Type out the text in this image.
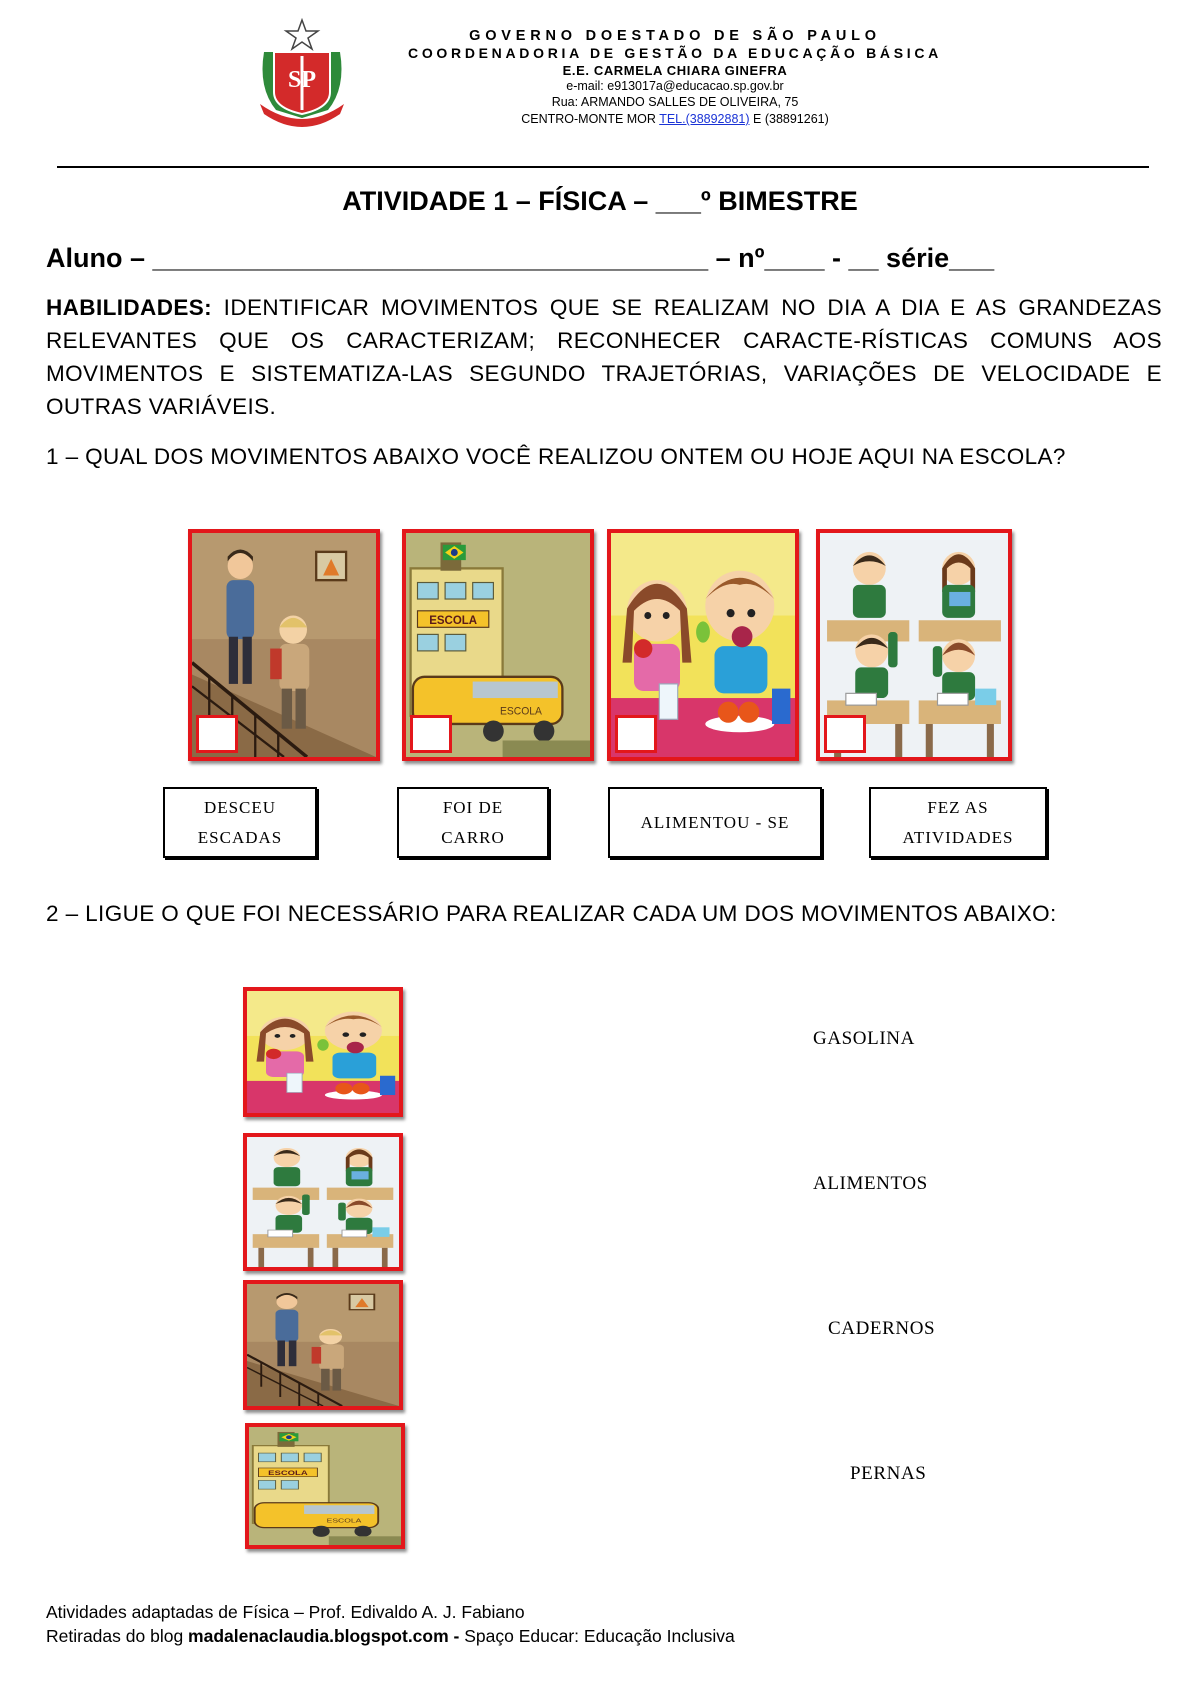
SP
GOVERNO DOESTADO DE SÃO PAULO
COORDENADORIA DE GESTÃO DA EDUCAÇÃO BÁSICA
E.E. CARMELA CHIARA GINEFRA
e-mail: e913017a@educacao.sp.gov.br
Rua: ARMANDO SALLES DE OLIVEIRA, 75
CENTRO-MONTE MOR TEL.(38892881) E (38891261)
ATIVIDADE 1 – FÍSICA – ___º BIMESTRE
Aluno – _____________________________________ – nº____ - __ série___
HABILIDADES: IDENTIFICAR MOVIMENTOS QUE SE REALIZAM NO DIA A DIA E AS GRANDEZAS RELEVANTES QUE OS CARACTERIZAM; RECONHECER CARACTE-RÍSTICAS COMUNS AOS MOVIMENTOS E SISTEMATIZA-LAS SEGUNDO TRAJETÓRIAS, VARIAÇÕES DE VELOCIDADE E OUTRAS VARIÁVEIS.
1 – QUAL DOS MOVIMENTOS ABAIXO VOCÊ REALIZOU ONTEM OU HOJE AQUI NA ESCOLA?
ESCOLA
ESCOLA
DESCEU
ESCADAS
FOI DE
CARRO
ALIMENTOU - SE
FEZ AS
ATIVIDADES
2 – LIGUE O QUE FOI NECESSÁRIO PARA REALIZAR CADA UM DOS MOVIMENTOS ABAIXO:
ESCOLA
ESCOLA
GASOLINA
ALIMENTOS
CADERNOS
PERNAS
Atividades adaptadas de Física – Prof. Edivaldo A. J. Fabiano
Retiradas do blog madalenaclaudia.blogspot.com - Spaço Educar: Educação Inclusiva
